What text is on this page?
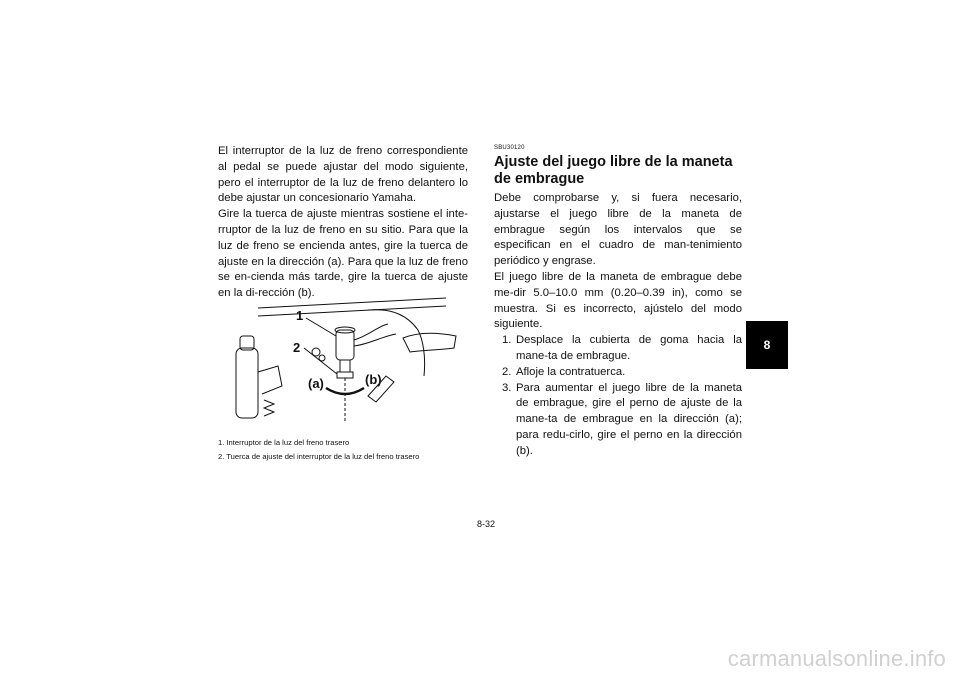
El interruptor de la luz de freno correspondiente al pedal se puede ajustar del modo siguiente, pero el interruptor de la luz de freno delantero lo debe ajustar un concesionario Yamaha.

Gire la tuerca de ajuste mientras sostiene el inte-rruptor de la luz de freno en su sitio. Para que la luz de freno se encienda antes, gire la tuerca de ajuste en la dirección (a). Para que la luz de freno se en-cienda más tarde, gire la tuerca de ajuste en la di-rección (b).

1
2
(a)	(b)

1. Interruptor de la luz del freno trasero

2. Tuerca de ajuste del interruptor de la luz del freno trasero

SBU30120

Ajuste del juego libre de la maneta de embrague

Debe comprobarse y, si fuera necesario, ajustarse el juego libre de la maneta de embrague según los intervalos que se especifican en el cuadro de man-tenimiento periódico y engrase.

El juego libre de la maneta de embrague debe me-dir 5.0–10.0 mm (0.20–0.39 in), como se muestra. Si es incorrecto, ajústelo del modo siguiente.

1. Desplace la cubierta de goma hacia la mane-ta de embrague.
2. Afloje la contratuerca.
3. Para aumentar el juego libre de la maneta de embrague, gire el perno de ajuste de la mane-ta de embrague en la dirección (a); para redu-cirlo, gire el perno en la dirección (b).
8
8-32
carmanualsonline.info
